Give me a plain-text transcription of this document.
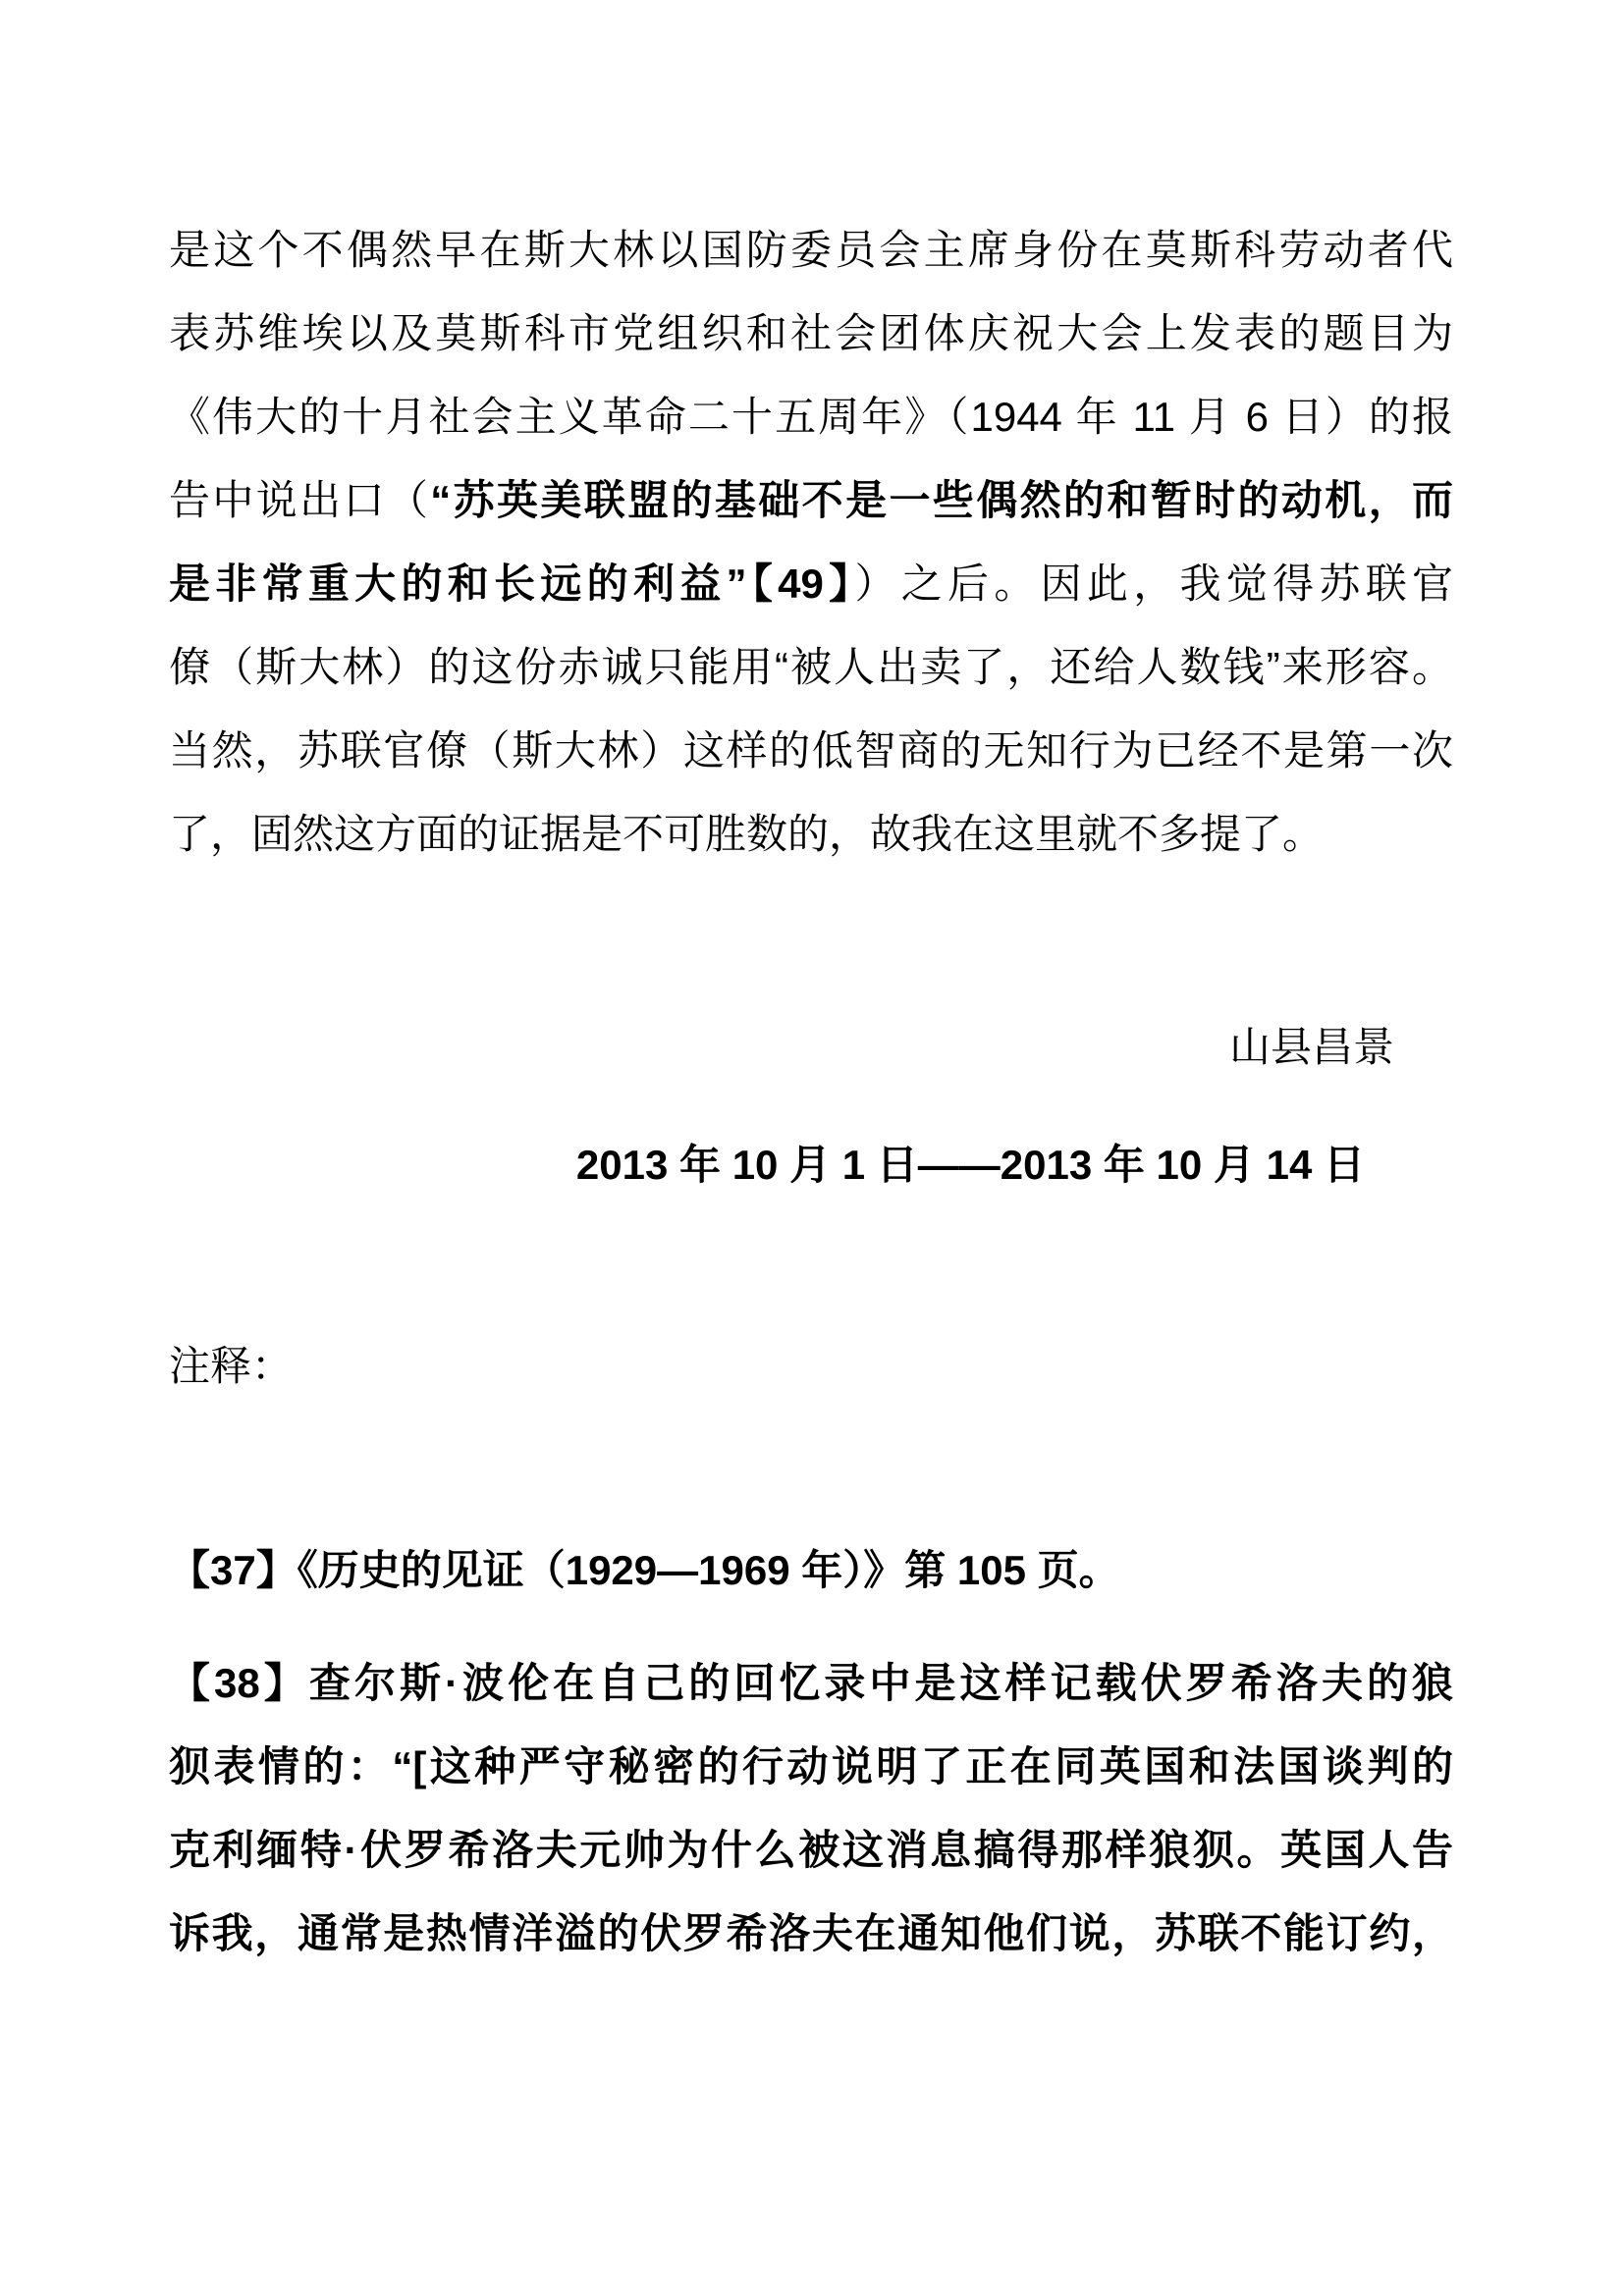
是这个不偶然早在斯大林以国防委员会主席身份在莫斯科劳动者代
表苏维埃以及莫斯科市党组织和社会团体庆祝大会上发表的题目为
《伟大的十月社会主义革命二十五周年》（1944 年 11 月 6 日）的报
告中说出口（“苏英美联盟的基础不是一些偶然的和暂时的动机，而
是非常重大的和长远的利益”【49】）之后。因此，我觉得苏联官
僚（斯大林）的这份赤诚只能用“被人出卖了，还给人数钱”来形容。
当然，苏联官僚（斯大林）这样的低智商的无知行为已经不是第一次
了，固然这方面的证据是不可胜数的，故我在这里就不多提了。
山县昌景
2013 年 10 月 1 日——2013 年 10 月 14 日
注释：
【37】《历史的见证（1929—1969 年）》第 105 页。
【38】查尔斯·波伦在自己的回忆录中是这样记载伏罗希洛夫的狼
狈表情的：“[这种严守秘密的行动说明了正在同英国和法国谈判的
克利缅特·伏罗希洛夫元帅为什么被这消息搞得那样狼狈。英国人告
诉我，通常是热情洋溢的伏罗希洛夫在通知他们说，苏联不能订约，
